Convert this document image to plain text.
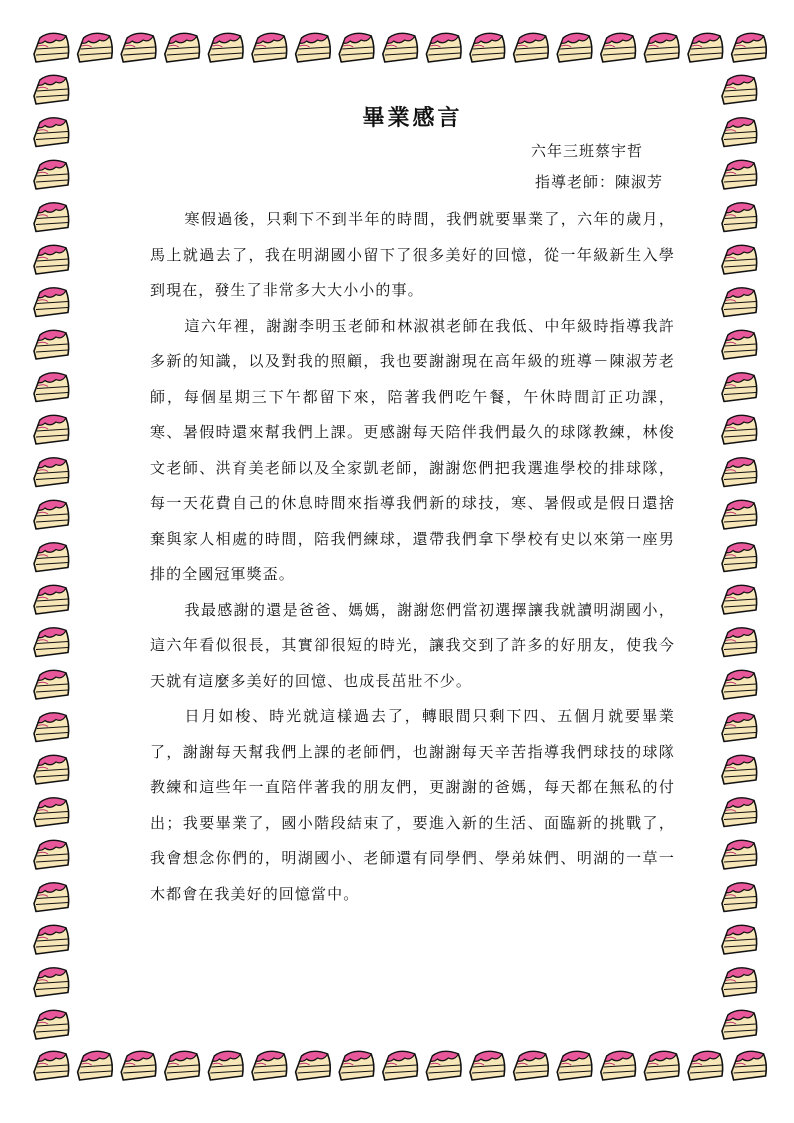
畢業感言
六年三班蔡宇哲
指導老師：陳淑芳

寒假過後，只剩下不到半年的時間，我們就要畢業了，六年的歲月，馬上就過去了，我在明湖國小留下了很多美好的回憶，從一年級新生入學到現在，發生了非常多大大小小的事。

這六年裡，謝謝李明玉老師和林淑祺老師在我低、中年級時指導我許多新的知識，以及對我的照顧，我也要謝謝現在高年級的班導－陳淑芳老師，每個星期三下午都留下來，陪著我們吃午餐，午休時間訂正功課，寒、暑假時還來幫我們上課。更感謝每天陪伴我們最久的球隊教練，林俊文老師、洪育美老師以及全家凱老師，謝謝您們把我選進學校的排球隊，每一天花費自己的休息時間來指導我們新的球技，寒、暑假或是假日還捨棄與家人相處的時間，陪我們練球，還帶我們拿下學校有史以來第一座男排的全國冠軍獎盃。

我最感謝的還是爸爸、媽媽，謝謝您們當初選擇讓我就讀明湖國小，這六年看似很長，其實卻很短的時光，讓我交到了許多的好朋友，使我今天就有這麼多美好的回憶、也成長茁壯不少。

日月如梭、時光就這樣過去了，轉眼間只剩下四、五個月就要畢業了，謝謝每天幫我們上課的老師們，也謝謝每天辛苦指導我們球技的球隊教練和這些年一直陪伴著我的朋友們，更謝謝的爸媽，每天都在無私的付出；我要畢業了，國小階段結束了，要進入新的生活、面臨新的挑戰了，我會想念你們的，明湖國小、老師還有同學們、學弟妹們、明湖的一草一木都會在我美好的回憶當中。
